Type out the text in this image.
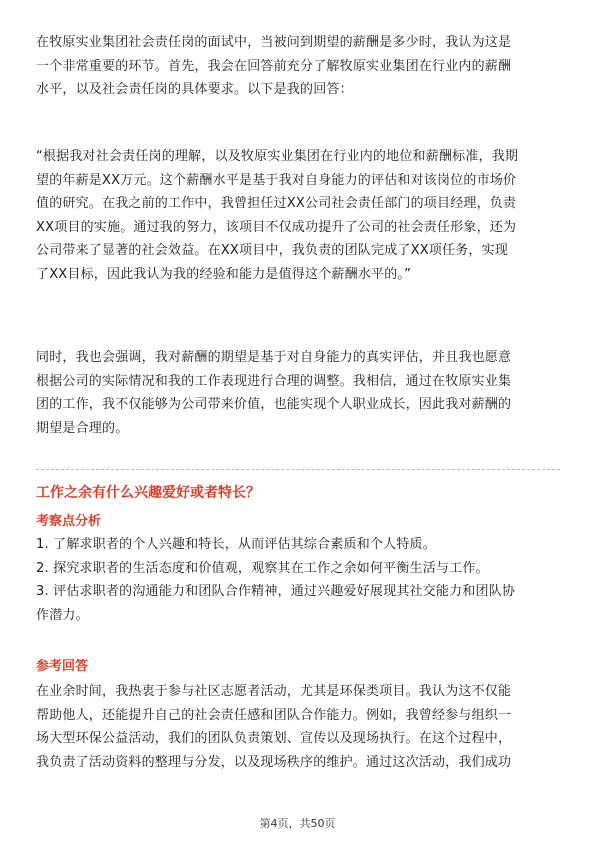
在牧原实业集团社会责任岗的面试中，当被问到期望的薪酬是多少时，我认为这是
一个非常重要的环节。首先，我会在回答前充分了解牧原实业集团在行业内的薪酬
水平，以及社会责任岗的具体要求。以下是我的回答：

“根据我对社会责任岗的理解，以及牧原实业集团在行业内的地位和薪酬标准，我期
望的年薪是XX万元。这个薪酬水平是基于我对自身能力的评估和对该岗位的市场价
值的研究。在我之前的工作中，我曾担任过XX公司社会责任部门的项目经理，负责
XX项目的实施。通过我的努力，该项目不仅成功提升了公司的社会责任形象，还为
公司带来了显著的社会效益。在XX项目中，我负责的团队完成了XX项任务，实现
了XX目标，因此我认为我的经验和能力是值得这个薪酬水平的。”

同时，我也会强调，我对薪酬的期望是基于对自身能力的真实评估，并且我也愿意
根据公司的实际情况和我的工作表现进行合理的调整。我相信，通过在牧原实业集
团的工作，我不仅能够为公司带来价值，也能实现个人职业成长，因此我对薪酬的
期望是合理的。

工作之余有什么兴趣爱好或者特长？
考察点分析

1. 了解求职者的个人兴趣和特长，从而评估其综合素质和个人特质。
2. 探究求职者的生活态度和价值观，观察其在工作之余如何平衡生活与工作。
3. 评估求职者的沟通能力和团队合作精神，通过兴趣爱好展现其社交能力和团队协
作潜力。

参考回答

在业余时间，我热衷于参与社区志愿者活动，尤其是环保类项目。我认为这不仅能
帮助他人，还能提升自己的社会责任感和团队合作能力。例如，我曾经参与组织一
场大型环保公益活动，我们的团队负责策划、宣传以及现场执行。在这个过程中，
我负责了活动资料的整理与分发，以及现场秩序的维护。通过这次活动，我们成功

第4页，共50页
